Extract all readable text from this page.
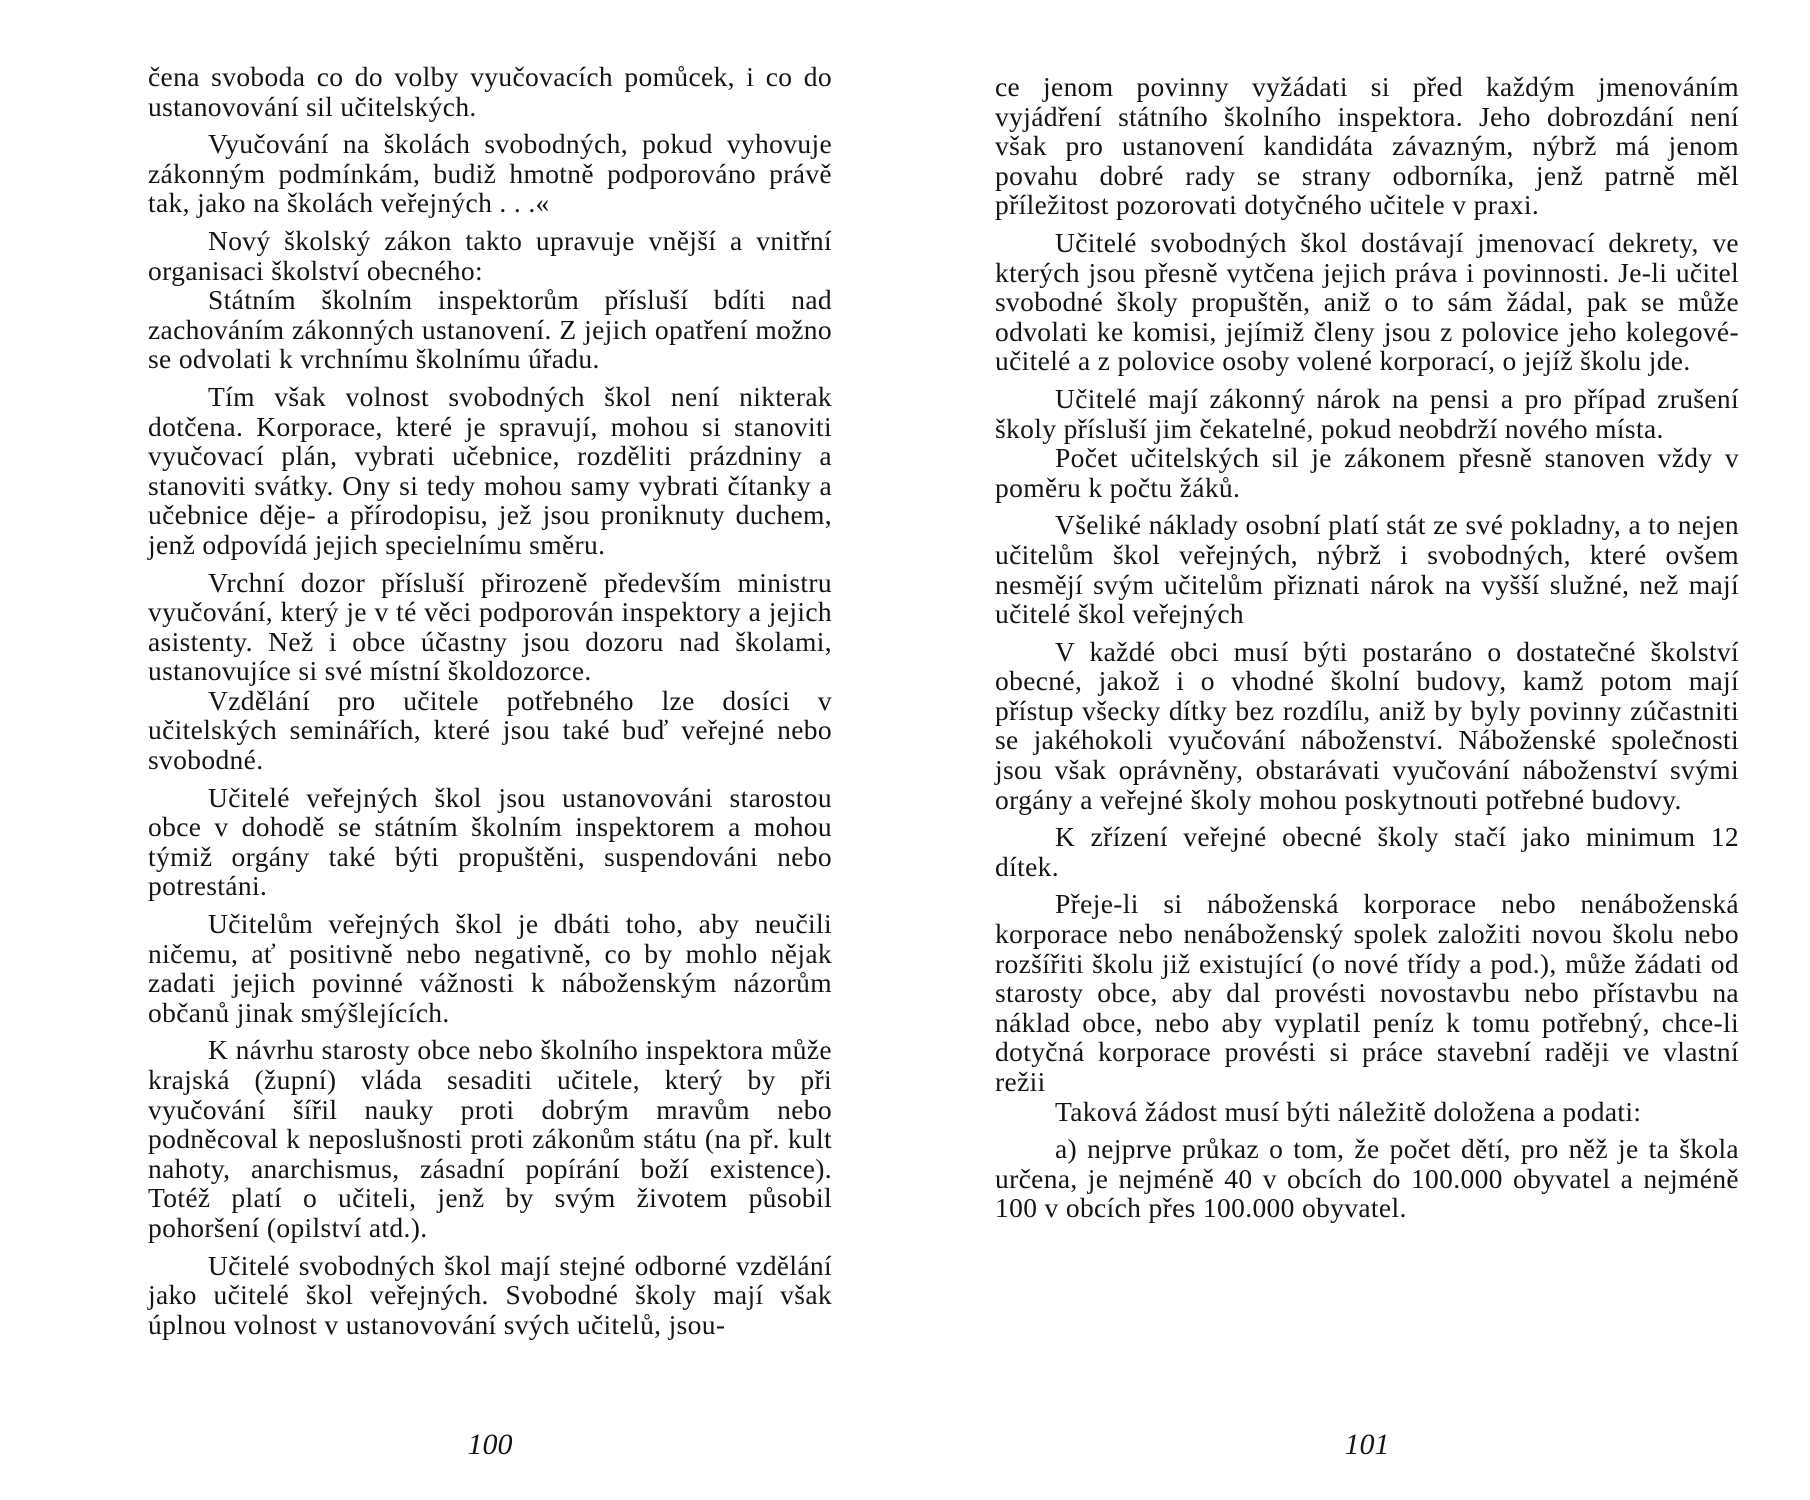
čena svoboda co do volby vyučovacích pomůcek, i co do ustanovování sil učitelských.

Vyučování na školách svobodných, pokud vyhovuje zákonným podmínkám, budiž hmotně podporováno právě tak, jako na školách veřejných . . .«

Nový školský zákon takto upravuje vnější a vnitřní organisaci školství obecného:

Státním školním inspektorům přísluší bdíti nad zachováním zákonných ustanovení. Z jejich opatření možno se odvolati k vrchnímu školnímu úřadu.

Tím však volnost svobodných škol není nikterak dotčena. Korporace, které je spravují, mohou si stanoviti vyučovací plán, vybrati učebnice, rozděliti prázdniny a stanoviti svátky. Ony si tedy mohou samy vybrati čítanky a učebnice děje- a přírodopisu, jež jsou proniknuty duchem, jenž odpovídá jejich specielnímu směru.

Vrchní dozor přísluší přirozeně především ministru vyučování, který je v té věci podporován inspektory a jejich asistenty. Než i obce účastny jsou dozoru nad školami, ustanovujíce si své místní školdozorce.

Vzdělání pro učitele potřebného lze dosíci v učitelských seminářích, které jsou také buď veřejné nebo svobodné.

Učitelé veřejných škol jsou ustanovováni starostou obce v dohodě se státním školním inspektorem a mohou týmiž orgány také býti propuštěni, suspendováni nebo potrestáni.

Učitelům veřejných škol je dbáti toho, aby neučili ničemu, ať positivně nebo negativně, co by mohlo nějak zadati jejich povinné vážnosti k náboženským názorům občanů jinak smýšlejících.

K návrhu starosty obce nebo školního inspektora může krajská (župní) vláda sesaditi učitele, který by při vyučování šířil nauky proti dobrým mravům nebo podněcoval k neposlušnosti proti zákonům státu (na př. kult nahoty, anarchismus, zásadní popírání boží existence). Totéž platí o učiteli, jenž by svým životem působil pohoršení (opilství atd.).

Učitelé svobodných škol mají stejné odborné vzdělání jako učitelé škol veřejných. Svobodné školy mají však úplnou volnost v ustanovování svých učitelů, jsou-

100

ce jenom povinny vyžádati si před každým jmenováním vyjádření státního školního inspektora. Jeho dobrozdání není však pro ustanovení kandidáta závazným, nýbrž má jenom povahu dobré rady se strany odborníka, jenž patrně měl příležitost pozorovati dotyčného učitele v praxi.

Učitelé svobodných škol dostávají jmenovací dekrety, ve kterých jsou přesně vytčena jejich práva i povinnosti. Je-li učitel svobodné školy propuštěn, aniž o to sám žádal, pak se může odvolati ke komisi, jejímiž členy jsou z polovice jeho kolegové-učitelé a z polovice osoby volené korporací, o jejíž školu jde.

Učitelé mají zákonný nárok na pensi a pro případ zrušení školy přísluší jim čekatelné, pokud neobdrží nového místa.

Počet učitelských sil je zákonem přesně stanoven vždy v poměru k počtu žáků.

Všeliké náklady osobní platí stát ze své pokladny, a to nejen učitelům škol veřejných, nýbrž i svobodných, které ovšem nesmějí svým učitelům přiznati nárok na vyšší služné, než mají učitelé škol veřejných

V každé obci musí býti postaráno o dostatečné školství obecné, jakož i o vhodné školní budovy, kamž potom mají přístup všecky dítky bez rozdílu, aniž by byly povinny zúčastniti se jakéhokoli vyučování náboženství. Náboženské společnosti jsou však oprávněny, obstarávati vyučování náboženství svými orgány a veřejné školy mohou poskytnouti potřebné budovy.

K zřízení veřejné obecné školy stačí jako minimum 12 dítek.

Přeje-li si náboženská korporace nebo nenáboženská korporace nebo nenáboženský spolek založiti novou školu nebo rozšířiti školu již existující (o nové třídy a pod.), může žádati od starosty obce, aby dal provésti novostavbu nebo přístavbu na náklad obce, nebo aby vyplatil peníz k tomu potřebný, chce-li dotyčná korporace provésti si práce stavební raději ve vlastní režii

Taková žádost musí býti náležitě doložena a podati:

a) nejprve průkaz o tom, že počet dětí, pro něž je ta škola určena, je nejméně 40 v obcích do 100.000 obyvatel a nejméně 100 v obcích přes 100.000 obyvatel.

101
